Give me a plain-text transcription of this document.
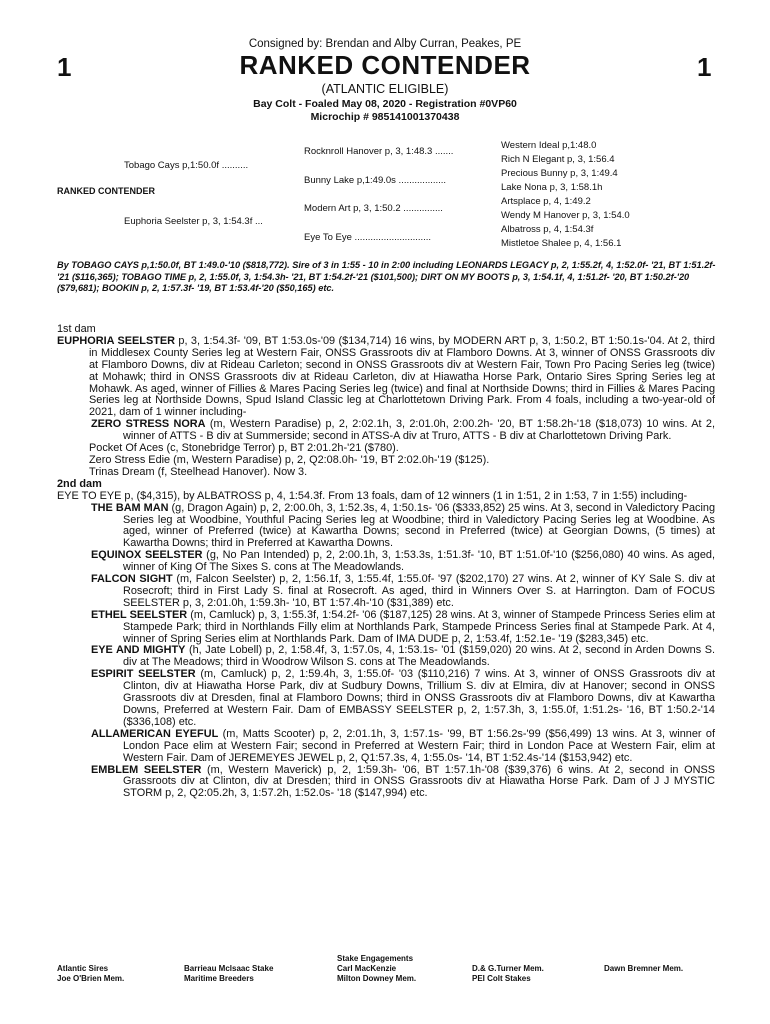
Consigned by: Brendan and Alby Curran, Peakes, PE
1	1
RANKED CONTENDER
(ATLANTIC ELIGIBLE)
Bay Colt - Foaled May 08, 2020 - Registration #0VP60
Microchip # 985141001370438
RANKED CONTENDER
Tobago Cays p,1:50.0f ..........
Euphoria Seelster p, 3, 1:54.3f ...
Rocknroll Hanover p, 3, 1:48.3 .......
Bunny Lake p,1:49.0s ..................
Modern Art p, 3, 1:50.2 ...............
Eye To Eye .............................
Western Ideal p,1:48.0
Rich N Elegant p, 3, 1:56.4
Precious Bunny p, 3, 1:49.4
Lake Nona p, 3, 1:58.1h
Artsplace p, 4, 1:49.2
Wendy M Hanover p, 3, 1:54.0
Albatross p, 4, 1:54.3f
Mistletoe Shalee p, 4, 1:56.1
By TOBAGO CAYS p,1:50.0f, BT 1:49.0-'10 ($818,772). Sire of 3 in 1:55 - 10 in 2:00 including LEONARDS LEGACY p, 2, 1:55.2f, 4, 1:52.0f- '21, BT 1:51.2f-'21 ($116,365); TOBAGO TIME p, 2, 1:55.0f, 3, 1:54.3h- '21, BT 1:54.2f-'21 ($101,500); DIRT ON MY BOOTS p, 3, 1:54.1f, 4, 1:51.2f- '20, BT 1:50.2f-'20 ($79,681); BOOKIN p, 2, 1:57.3f- '19, BT 1:53.4f-'20 ($50,165) etc.
1st dam

EUPHORIA SEELSTER p, 3, 1:54.3f- '09, BT 1:53.0s-'09 ($134,714) 16 wins, by MODERN ART p, 3, 1:50.2, BT 1:50.1s-'04. At 2, third in Middlesex County Series leg at Western Fair, ONSS Grassroots div at Flamboro Downs. At 3, winner of ONSS Grassroots div at Flamboro Downs, div at Rideau Carleton; second in ONSS Grassroots div at Western Fair, Town Pro Pacing Series leg (twice) at Mohawk; third in ONSS Grassroots div at Rideau Carleton, div at Hiawatha Horse Park, Ontario Sires Spring Series leg at Mohawk. As aged, winner of Fillies & Mares Pacing Series leg (twice) and final at Northside Downs; third in Fillies & Mares Pacing Series leg at Northside Downs, Spud Island Classic leg at Charlottetown Driving Park. From 4 foals, including a two-year-old of 2021, dam of 1 winner including-

ZERO STRESS NORA (m, Western Paradise) p, 2, 2:02.1h, 3, 2:01.0h, 2:00.2h- '20, BT 1:58.2h-'18 ($18,073) 10 wins. At 2, winner of ATTS - B div at Summerside; second in ATSS-A div at Truro, ATTS - B div at Charlottetown Driving Park.

Pocket Of Aces (c, Stonebridge Terror) p, BT 2:01.2h-'21 ($780).

Zero Stress Edie (m, Western Paradise) p, 2, Q2:08.0h- '19, BT 2:02.0h-'19 ($125).

Trinas Dream (f, Steelhead Hanover). Now 3.

2nd dam

EYE TO EYE p, ($4,315), by ALBATROSS p, 4, 1:54.3f. From 13 foals, dam of 12 winners (1 in 1:51, 2 in 1:53, 7 in 1:55) including-

THE BAM MAN (g, Dragon Again) p, 2, 2:00.0h, 3, 1:52.3s, 4, 1:50.1s- '06 ($333,852) 25 wins. At 3, second in Valedictory Pacing Series leg at Woodbine, Youthful Pacing Series leg at Woodbine; third in Valedictory Pacing Series leg at Woodbine. As aged, winner of Preferred (twice) at Kawartha Downs; second in Preferred (twice) at Georgian Downs, (5 times) at Kawartha Downs; third in Preferred at Kawartha Downs.

EQUINOX SEELSTER (g, No Pan Intended) p, 2, 2:00.1h, 3, 1:53.3s, 1:51.3f- '10, BT 1:51.0f-'10 ($256,080) 40 wins. As aged, winner of King Of The Sixes S. cons at The Meadowlands.

FALCON SIGHT (m, Falcon Seelster) p, 2, 1:56.1f, 3, 1:55.4f, 1:55.0f- '97 ($202,170) 27 wins. At 2, winner of KY Sale S. div at Rosecroft; third in First Lady S. final at Rosecroft. As aged, third in Winners Over S. at Harrington. Dam of FOCUS SEELSTER p, 3, 2:01.0h, 1:59.3h- '10, BT 1:57.4h-'10 ($31,389) etc.

ETHEL SEELSTER (m, Camluck) p, 3, 1:55.3f, 1:54.2f- '06 ($187,125) 28 wins. At 3, winner of Stampede Princess Series elim at Stampede Park; third in Northlands Filly elim at Northlands Park, Stampede Princess Series final at Stampede Park. At 4, winner of Spring Series elim at Northlands Park. Dam of IMA DUDE p, 2, 1:53.4f, 1:52.1e- '19 ($283,345) etc.

EYE AND MIGHTY (h, Jate Lobell) p, 2, 1:58.4f, 3, 1:57.0s, 4, 1:53.1s- '01 ($159,020) 20 wins. At 2, second in Arden Downs S. div at The Meadows; third in Woodrow Wilson S. cons at The Meadowlands.

ESPIRIT SEELSTER (m, Camluck) p, 2, 1:59.4h, 3, 1:55.0f- '03 ($110,216) 7 wins. At 3, winner of ONSS Grassroots div at Clinton, div at Hiawatha Horse Park, div at Sudbury Downs, Trillium S. div at Elmira, div at Hanover; second in ONSS Grassroots div at Dresden, final at Flamboro Downs; third in ONSS Grassroots div at Flamboro Downs, div at Kawartha Downs, Preferred at Western Fair. Dam of EMBASSY SEELSTER p, 2, 1:57.3h, 3, 1:55.0f, 1:51.2s- '16, BT 1:50.2-'14 ($336,108) etc.

ALLAMERICAN EYEFUL (m, Matts Scooter) p, 2, 2:01.1h, 3, 1:57.1s- '99, BT 1:56.2s-'99 ($56,499) 13 wins. At 3, winner of London Pace elim at Western Fair; second in Preferred at Western Fair; third in London Pace at Western Fair, elim at Western Fair. Dam of JEREMEYES JEWEL p, 2, Q1:57.3s, 4, 1:55.0s- '14, BT 1:52.4s-'14 ($153,942) etc.

EMBLEM SEELSTER (m, Western Maverick) p, 2, 1:59.3h- '06, BT 1:57.1h-'08 ($39,376) 6 wins. At 2, second in ONSS Grassroots div at Clinton, div at Dresden; third in ONSS Grassroots div at Hiawatha Horse Park. Dam of J J MYSTIC STORM p, 2, Q2:05.2h, 3, 1:57.2h, 1:52.0s- '18 ($147,994) etc.

Stake Engagements
Atlantic Sires
Joe O'Brien Mem.
Barrieau Mclsaac Stake
Maritime Breeders
Carl MacKenzie
Milton Downey Mem.
D.& G.Turner Mem.
PEI Colt Stakes
Dawn Bremner Mem.
